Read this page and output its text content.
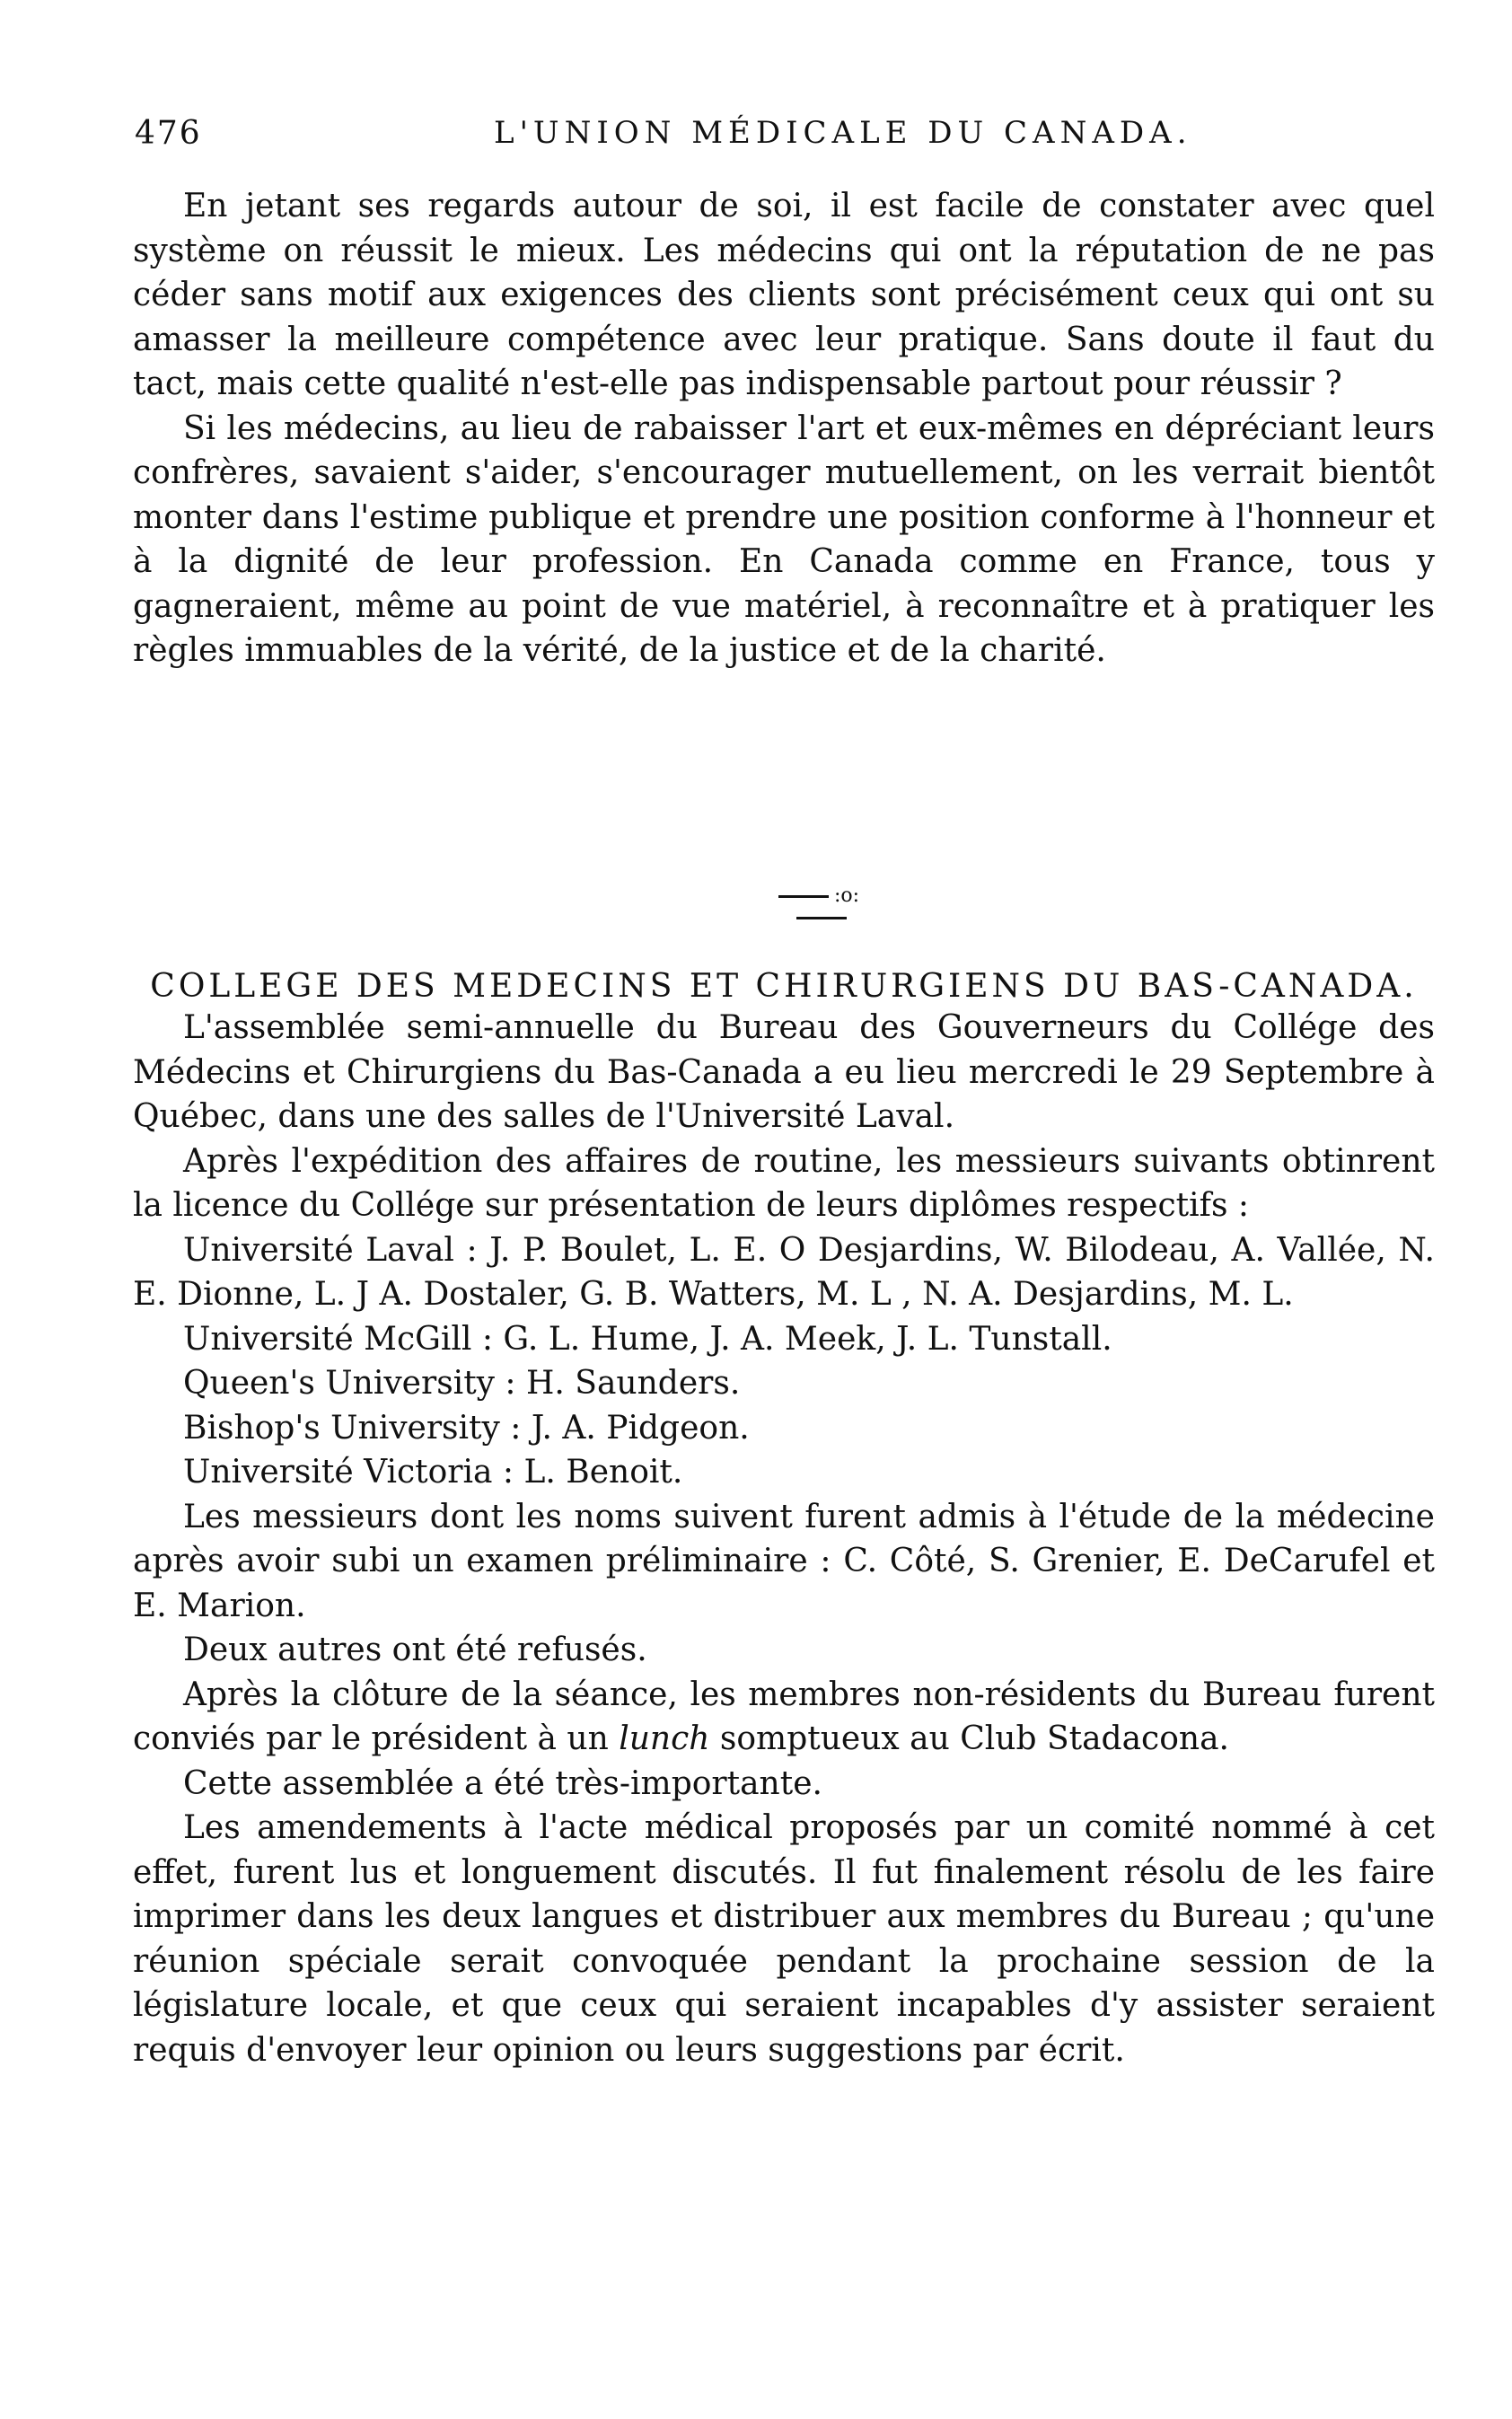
476	L'UNION MÉDICALE DU CANADA.

En jetant ses regards autour de soi, il est facile de constater avec quel système on réussit le mieux. Les médecins qui ont la réputation de ne pas céder sans motif aux exigences des clients sont précisément ceux qui ont su amasser la meilleure compétence avec leur pratique. Sans doute il faut du tact, mais cette qualité n'est-elle pas indispensable partout pour réussir ?

Si les médecins, au lieu de rabaisser l'art et eux-mêmes en dépréciant leurs confrères, savaient s'aider, s'encourager mutuellement, on les verrait bientôt monter dans l'estime publique et prendre une position conforme à l'honneur et à la dignité de leur profession. En Canada comme en France, tous y gagneraient, même au point de vue matériel, à reconnaître et à pratiquer les règles immuables de la vérité, de la justice et de la charité.

:o:
COLLEGE DES MEDECINS ET CHIRURGIENS DU BAS-CANADA.

L'assemblée semi-annuelle du Bureau des Gouverneurs du Collége des Médecins et Chirurgiens du Bas-Canada a eu lieu mercredi le 29 Septembre à Québec, dans une des salles de l'Université Laval.

Après l'expédition des affaires de routine, les messieurs suivants obtinrent la licence du Collége sur présentation de leurs diplômes respectifs :

Université Laval : J. P. Boulet, L. E. O Desjardins, W. Bilodeau, A. Vallée, N. E. Dionne, L. J A. Dostaler, G. B. Watters, M. L , N. A. Desjardins, M. L.

Université McGill : G. L. Hume, J. A. Meek, J. L. Tunstall.

Queen's University : H. Saunders.

Bishop's University : J. A. Pidgeon.

Université Victoria : L. Benoit.

Les messieurs dont les noms suivent furent admis à l'étude de la médecine après avoir subi un examen préliminaire : C. Côté, S. Grenier, E. DeCarufel et E. Marion.

Deux autres ont été refusés.

Après la clôture de la séance, les membres non-résidents du Bureau furent conviés par le président à un lunch somptueux au Club Stadacona.

Cette assemblée a été très-importante.

Les amendements à l'acte médical proposés par un comité nommé à cet effet, furent lus et longuement discutés. Il fut finalement résolu de les faire imprimer dans les deux langues et distribuer aux membres du Bureau ; qu'une réunion spéciale serait convoquée pendant la prochaine session de la législature locale, et que ceux qui seraient incapables d'y assister seraient requis d'envoyer leur opinion ou leurs suggestions par écrit.
